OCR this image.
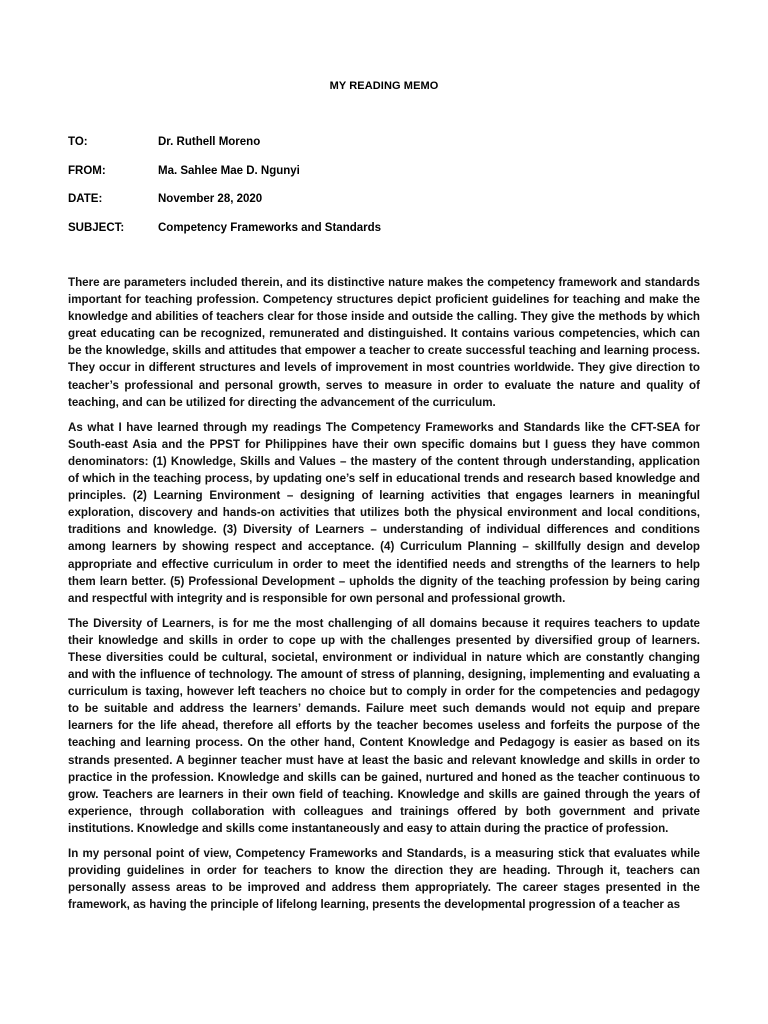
MY READING MEMO
TO:	Dr. Ruthell Moreno
FROM:	Ma. Sahlee Mae D. Ngunyi
DATE:	November 28, 2020
SUBJECT:	Competency Frameworks and Standards

There are parameters included therein, and its distinctive nature makes the competency framework and standards important for teaching profession. Competency structures depict proficient guidelines for teaching and make the knowledge and abilities of teachers clear for those inside and outside the calling. They give the methods by which great educating can be recognized, remunerated and distinguished. It contains various competencies, which can be the knowledge, skills and attitudes that empower a teacher to create successful teaching and learning process. They occur in different structures and levels of improvement in most countries worldwide. They give direction to teacher’s professional and personal growth, serves to measure in order to evaluate the nature and quality of teaching, and can be utilized for directing the advancement of the curriculum.

As what I have learned through my readings The Competency Frameworks and Standards like the CFT-SEA for South-east Asia and the PPST for Philippines have their own specific domains but I guess they have common denominators: (1) Knowledge, Skills and Values – the mastery of the content through understanding, application of which in the teaching process, by updating one’s self in educational trends and research based knowledge and principles. (2) Learning Environment – designing of learning activities that engages learners in meaningful exploration, discovery and hands-on activities that utilizes both the physical environment and local conditions, traditions and knowledge. (3) Diversity of Learners – understanding of individual differences and conditions among learners by showing respect and acceptance. (4) Curriculum Planning – skillfully design and develop appropriate and effective curriculum in order to meet the identified needs and strengths of the learners to help them learn better. (5) Professional Development – upholds the dignity of the teaching profession by being caring and respectful with integrity and is responsible for own personal and professional growth.

The Diversity of Learners, is for me the most challenging of all domains because it requires teachers to update their knowledge and skills in order to cope up with the challenges presented by diversified group of learners. These diversities could be cultural, societal, environment or individual in nature which are constantly changing and with the influence of technology. The amount of stress of planning, designing, implementing and evaluating a curriculum is taxing, however left teachers no choice but to comply in order for the competencies and pedagogy to be suitable and address the learners’ demands. Failure meet such demands would not equip and prepare learners for the life ahead, therefore all efforts by the teacher becomes useless and forfeits the purpose of the teaching and learning process. On the other hand, Content Knowledge and Pedagogy is easier as based on its strands presented. A beginner teacher must have at least the basic and relevant knowledge and skills in order to practice in the profession. Knowledge and skills can be gained, nurtured and honed as the teacher continuous to grow. Teachers are learners in their own field of teaching. Knowledge and skills are gained through the years of experience, through collaboration with colleagues and trainings offered by both government and private institutions. Knowledge and skills come instantaneously and easy to attain during the practice of profession.

In my personal point of view, Competency Frameworks and Standards, is a measuring stick that evaluates while providing guidelines in order for teachers to know the direction they are heading. Through it, teachers can personally assess areas to be improved and address them appropriately. The career stages presented in the framework, as having the principle of lifelong learning, presents the developmental progression of a teacher as
